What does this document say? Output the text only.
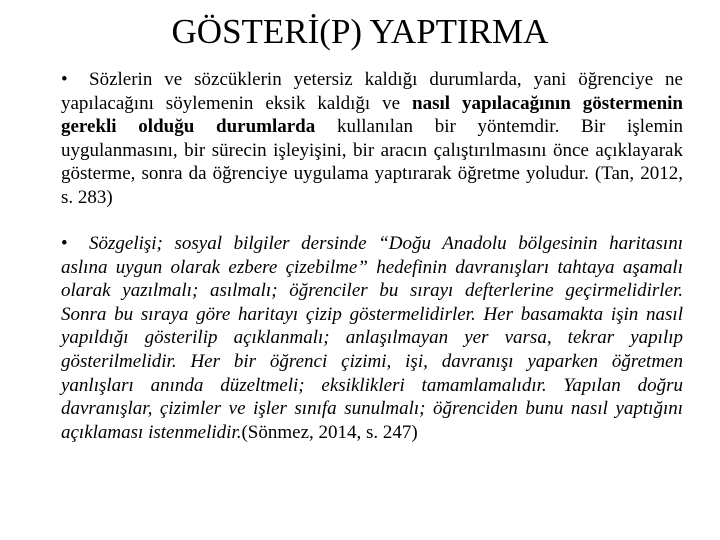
GÖSTERİ(P) YAPTIRMA

• Sözlerin ve sözcüklerin yetersiz kaldığı durumlarda, yani öğrenciye ne yapılacağını söylemenin eksik kaldığı ve nasıl yapılacağının göstermenin gerekli olduğu durumlarda kullanılan bir yöntemdir. Bir işlemin uygulanmasını, bir sürecin işleyişini, bir aracın çalıştırılmasını önce açıklayarak gösterme, sonra da öğrenciye uygulama yaptırarak öğretme yoludur. (Tan, 2012, s. 283)

• Sözgelişi; sosyal bilgiler dersinde “Doğu Anadolu bölgesinin haritasını aslına uygun olarak ezbere çizebilme” hedefinin davranışları tahtaya aşamalı olarak yazılmalı; asılmalı; öğrenciler bu sırayı defterlerine geçirmelidirler. Sonra bu sıraya göre haritayı çizip göstermelidirler. Her basamakta işin nasıl yapıldığı gösterilip açıklanmalı; anlaşılmayan yer varsa, tekrar yapılıp gösterilmelidir. Her bir öğrenci çizimi, işi, davranışı yaparken öğretmen yanlışları anında düzeltmeli; eksiklikleri tamamlamalıdır. Yapılan doğru davranışlar, çizimler ve işler sınıfa sunulmalı; öğrenciden bunu nasıl yaptığını açıklaması istenmelidir.(Sönmez, 2014, s. 247)
